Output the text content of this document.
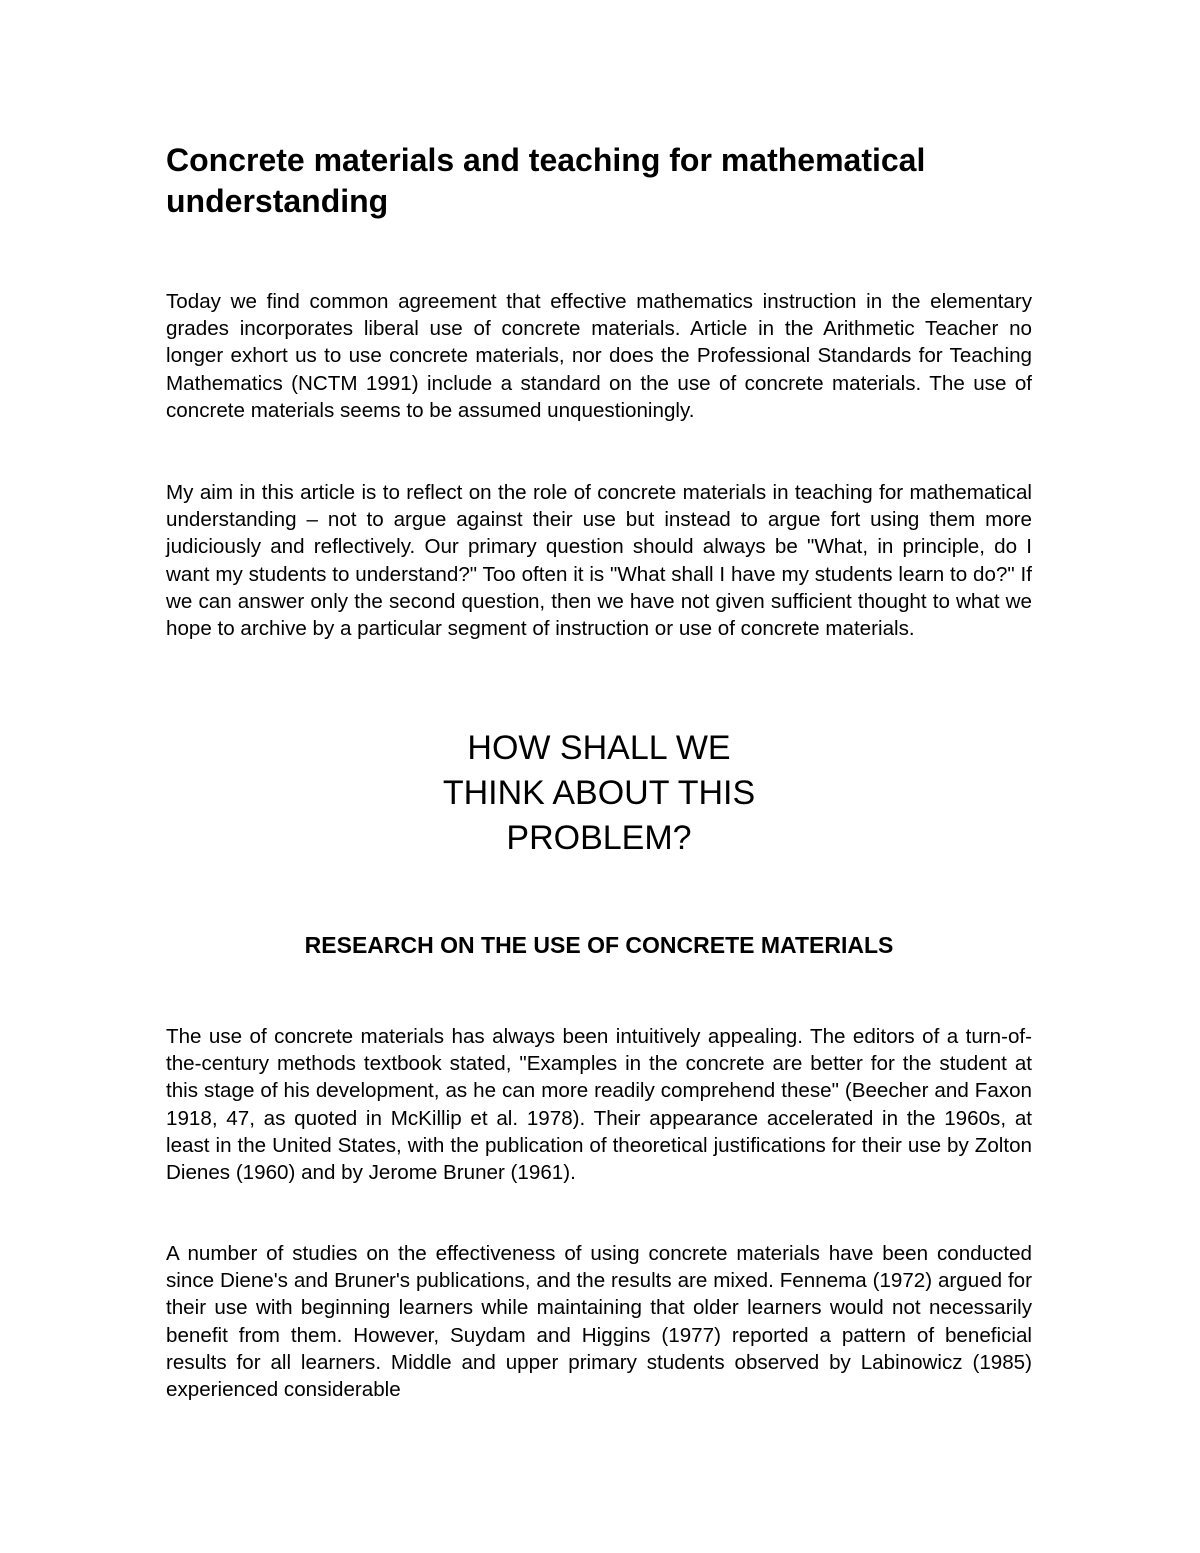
Concrete materials and teaching for mathematical understanding

Today we find common agreement that effective mathematics instruction in the elementary grades incorporates liberal use of concrete materials. Article in the Arithmetic Teacher no longer exhort us to use concrete materials, nor does the Professional Standards for Teaching Mathematics (NCTM 1991) include a standard on the use of concrete materials. The use of concrete materials seems to be assumed unquestioningly.

My aim in this article is to reflect on the role of concrete materials in teaching for mathematical understanding – not to argue against their use but instead to argue fort using them more judiciously and reflectively. Our primary question should always be "What, in principle, do I want my students to understand?" Too often it is "What shall I have my students learn to do?" If we can answer only the second question, then we have not given sufficient thought to what we hope to archive by a particular segment of instruction or use of concrete materials.

HOW SHALL WE
THINK ABOUT THIS
PROBLEM?
RESEARCH ON THE USE OF CONCRETE MATERIALS

The use of concrete materials has always been intuitively appealing. The editors of a turn-of-the-century methods textbook stated, "Examples in the concrete are better for the student at this stage of his development, as he can more readily comprehend these" (Beecher and Faxon 1918, 47, as quoted in McKillip et al. 1978). Their appearance accelerated in the 1960s, at least in the United States, with the publication of theoretical justifications for their use by Zolton Dienes (1960) and by Jerome Bruner (1961).

A number of studies on the effectiveness of using concrete materials have been conducted since Diene's and Bruner's publications, and the results are mixed. Fennema (1972) argued for their use with beginning learners while maintaining that older learners would not necessarily benefit from them. However, Suydam and Higgins (1977) reported a pattern of beneficial results for all learners. Middle and upper primary students observed by Labinowicz (1985) experienced considerable
